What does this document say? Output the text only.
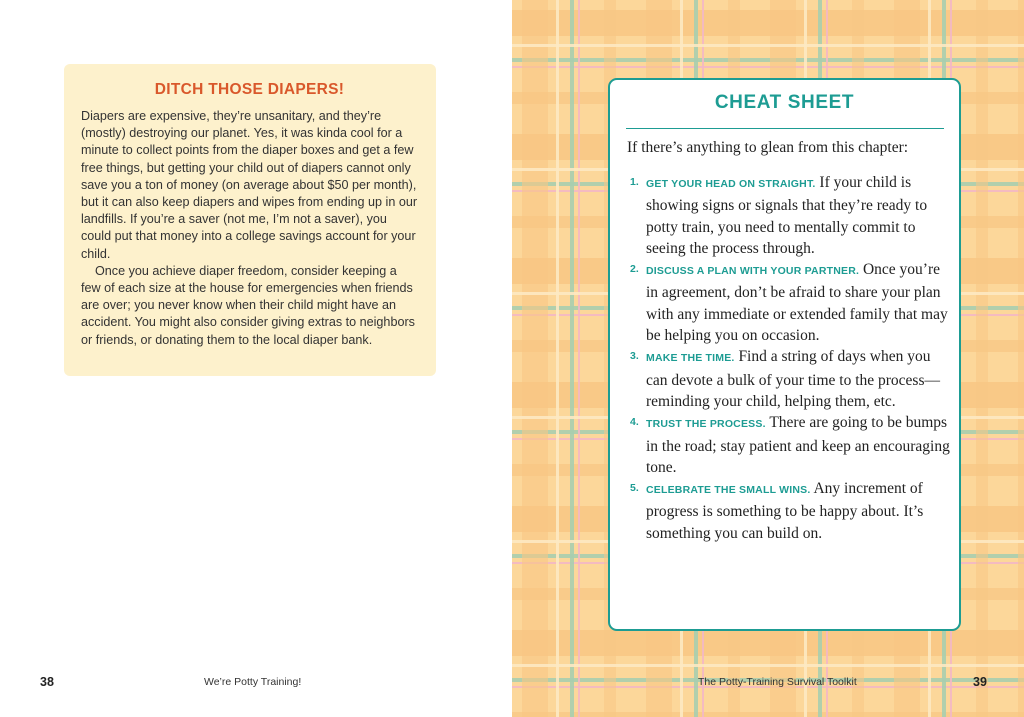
DITCH THOSE DIAPERS!

Diapers are expensive, they’re unsanitary, and they’re (mostly) destroying our planet. Yes, it was kinda cool for a minute to collect points from the diaper boxes and get a few free things, but getting your child out of diapers cannot only save you a ton of money (on average about $50 per month), but it can also keep diapers and wipes from ending up in our landfills. If you’re a saver (not me, I’m not a saver), you could put that money into a college savings account for your child.

Once you achieve diaper freedom, consider keeping a few of each size at the house for emergencies when friends are over; you never know when their child might have an accident. You might also consider giving extras to neighbors or friends, or donating them to the local diaper bank.

38	We’re Potty Training!
CHEAT SHEET
If there’s anything to glean from this chapter:
1. GET YOUR HEAD ON STRAIGHT. If your child is showing signs or signals that they’re ready to potty train, you need to mentally commit to seeing the process through.
2. DISCUSS A PLAN WITH YOUR PARTNER. Once you’re in agreement, don’t be afraid to share your plan with any immediate or extended family that may be helping you on occasion.
3. MAKE THE TIME. Find a string of days when you can devote a bulk of your time to the process—reminding your child, helping them, etc.
4. TRUST THE PROCESS. There are going to be bumps in the road; stay patient and keep an encouraging tone.
5. CELEBRATE THE SMALL WINS. Any increment of progress is something to be happy about. It’s something you can build on.
The Potty-Training Survival Toolkit	39
